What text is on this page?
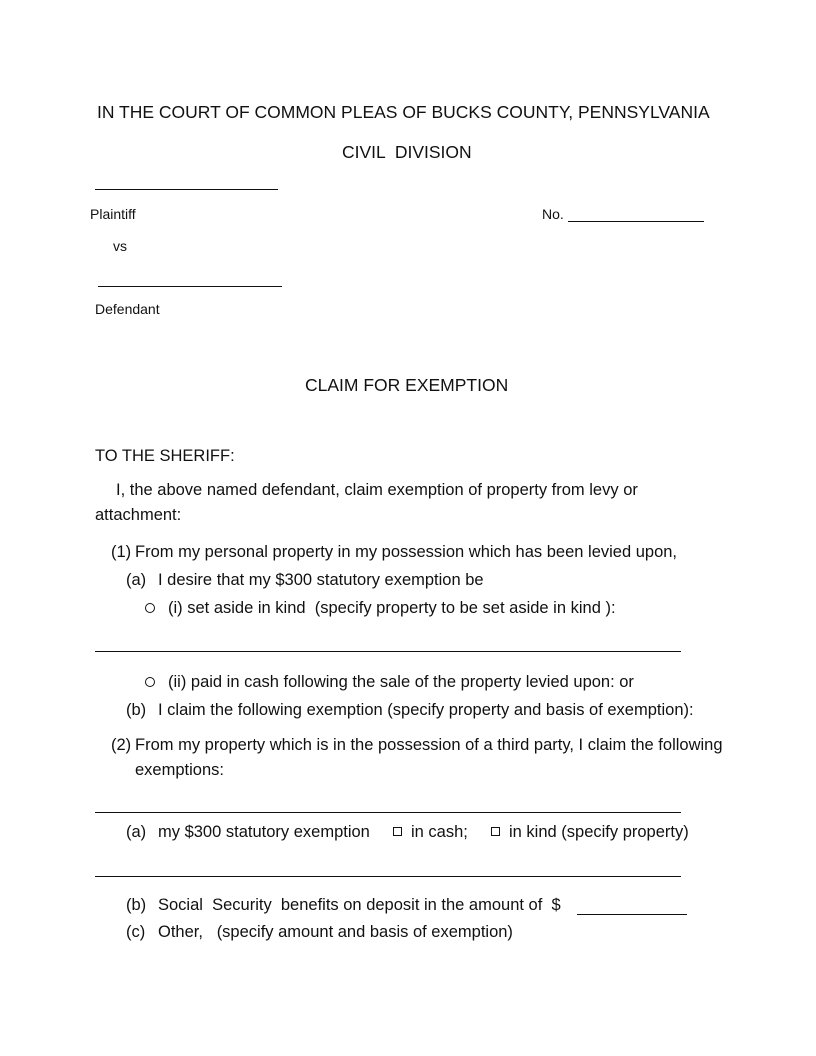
IN THE COURT OF COMMON PLEAS OF BUCKS COUNTY, PENNSYLVANIA
CIVIL  DIVISION
Plaintiff
vs
Defendant
No.
CLAIM FOR EXEMPTION
TO THE SHERIFF:
I, the above named defendant, claim exemption of property from levy or
attachment:
(1) From my personal property in my possession which has been levied upon,
(a) I desire that my $300 statutory exemption be
(i) set aside in kind  (specify property to be set aside in kind ):
(ii) paid in cash following the sale of the property levied upon: or
(b) I claim the following exemption (specify property and basis of exemption):
(2) From my property which is in the possession of a third party, I claim the following
exemptions:
(a) my $300 statutory exemption in cash; in kind (specify property)
(b) Social  Security  benefits on deposit in the amount of  $
(c) Other,   (specify amount and basis of exemption)
